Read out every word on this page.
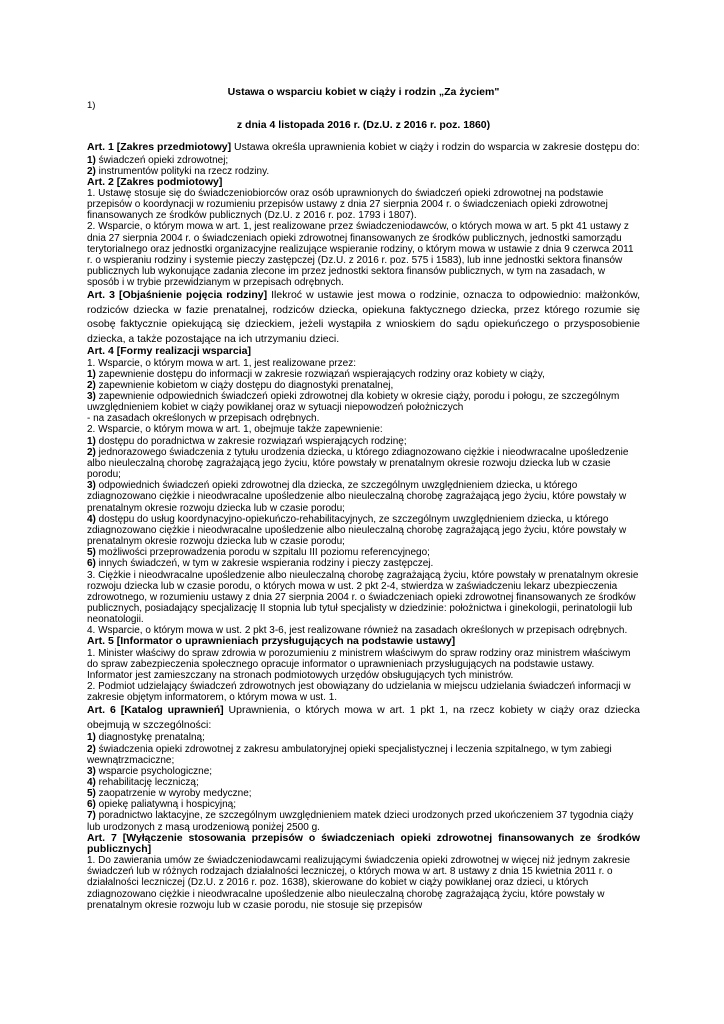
1)

Ustawa o wsparciu kobiet w ciąży i rodzin „Za życiem"

z dnia 4 listopada 2016 r. (Dz.U. z 2016 r. poz. 1860)

Art. 1 [Zakres przedmiotowy] Ustawa określa uprawnienia kobiet w ciąży i rodzin do wsparcia w zakresie dostępu do:

1) świadczeń opieki zdrowotnej;

2) instrumentów polityki na rzecz rodziny.

Art. 2 [Zakres podmiotowy]

1. Ustawę stosuje się do świadczeniobiorców oraz osób uprawnionych do świadczeń opieki zdrowotnej na podstawie przepisów o koordynacji w rozumieniu przepisów ustawy z dnia 27 sierpnia 2004 r. o świadczeniach opieki zdrowotnej finansowanych ze środków publicznych (Dz.U. z 2016 r. poz. 1793 i 1807).

2. Wsparcie, o którym mowa w art. 1, jest realizowane przez świadczeniodawców, o których mowa w art. 5 pkt 41 ustawy z dnia 27 sierpnia 2004 r. o świadczeniach opieki zdrowotnej finansowanych ze środków publicznych, jednostki samorządu terytorialnego oraz jednostki organizacyjne realizujące wspieranie rodziny, o którym mowa w ustawie z dnia 9 czerwca 2011 r. o wspieraniu rodziny i systemie pieczy zastępczej (Dz.U. z 2016 r. poz. 575 i 1583), lub inne jednostki sektora finansów publicznych lub wykonujące zadania zlecone im przez jednostki sektora finansów publicznych, w tym na zasadach, w sposób i w trybie przewidzianym w przepisach odrębnych.

Art. 3 [Objaśnienie pojęcia rodziny] Ilekroć w ustawie jest mowa o rodzinie, oznacza to odpowiednio: małżonków, rodziców dziecka w fazie prenatalnej, rodziców dziecka, opiekuna faktycznego dziecka, przez którego rozumie się osobę faktycznie opiekującą się dzieckiem, jeżeli wystąpiła z wnioskiem do sądu opiekuńczego o przysposobienie dziecka, a także pozostające na ich utrzymaniu dzieci.

Art. 4 [Formy realizacji wsparcia]

1. Wsparcie, o którym mowa w art. 1, jest realizowane przez:

1) zapewnienie dostępu do informacji w zakresie rozwiązań wspierających rodziny oraz kobiety w ciąży,

2) zapewnienie kobietom w ciąży dostępu do diagnostyki prenatalnej,

3) zapewnienie odpowiednich świadczeń opieki zdrowotnej dla kobiety w okresie ciąży, porodu i połogu, ze szczególnym uwzględnieniem kobiet w ciąży powikłanej oraz w sytuacji niepowodzeń położniczych

- na zasadach określonych w przepisach odrębnych.

2. Wsparcie, o którym mowa w art. 1, obejmuje także zapewnienie:

1) dostępu do poradnictwa w zakresie rozwiązań wspierających rodzinę;

2) jednorazowego świadczenia z tytułu urodzenia dziecka, u którego zdiagnozowano ciężkie i nieodwracalne upośledzenie albo nieuleczalną chorobę zagrażającą jego życiu, które powstały w prenatalnym okresie rozwoju dziecka lub w czasie porodu;

3) odpowiednich świadczeń opieki zdrowotnej dla dziecka, ze szczególnym uwzględnieniem dziecka, u którego zdiagnozowano ciężkie i nieodwracalne upośledzenie albo nieuleczalną chorobę zagrażającą jego życiu, które powstały w prenatalnym okresie rozwoju dziecka lub w czasie porodu;

4) dostępu do usług koordynacyjno-opiekuńczo-rehabilitacyjnych, ze szczególnym uwzględnieniem dziecka, u którego zdiagnozowano ciężkie i nieodwracalne upośledzenie albo nieuleczalną chorobę zagrażającą jego życiu, które powstały w prenatalnym okresie rozwoju dziecka lub w czasie porodu;

5) możliwości przeprowadzenia porodu w szpitalu III poziomu referencyjnego;

6) innych świadczeń, w tym w zakresie wspierania rodziny i pieczy zastępczej.

3. Ciężkie i nieodwracalne upośledzenie albo nieuleczalną chorobę zagrażającą życiu, które powstały w prenatalnym okresie rozwoju dziecka lub w czasie porodu, o których mowa w ust. 2 pkt 2-4, stwierdza w zaświadczeniu lekarz ubezpieczenia zdrowotnego, w rozumieniu ustawy z dnia 27 sierpnia 2004 r. o świadczeniach opieki zdrowotnej finansowanych ze środków publicznych, posiadający specjalizację II stopnia lub tytuł specjalisty w dziedzinie: położnictwa i ginekologii, perinatologii lub neonatologii.

4. Wsparcie, o którym mowa w ust. 2 pkt 3-6, jest realizowane również na zasadach określonych w przepisach odrębnych.

Art. 5 [Informator o uprawnieniach przysługujących na podstawie ustawy]

1. Minister właściwy do spraw zdrowia w porozumieniu z ministrem właściwym do spraw rodziny oraz ministrem właściwym do spraw zabezpieczenia społecznego opracuje informator o uprawnieniach przysługujących na podstawie ustawy. Informator jest zamieszczany na stronach podmiotowych urzędów obsługujących tych ministrów.

2. Podmiot udzielający świadczeń zdrowotnych jest obowiązany do udzielania w miejscu udzielania świadczeń informacji w zakresie objętym informatorem, o którym mowa w ust. 1.

Art. 6 [Katalog uprawnień] Uprawnienia, o których mowa w art. 1 pkt 1, na rzecz kobiety w ciąży oraz dziecka obejmują w szczególności:

1) diagnostykę prenatalną;

2) świadczenia opieki zdrowotnej z zakresu ambulatoryjnej opieki specjalistycznej i leczenia szpitalnego, w tym zabiegi wewnątrzmaciczne;

3) wsparcie psychologiczne;

4) rehabilitację leczniczą;

5) zaopatrzenie w wyroby medyczne;

6) opiekę paliatywną i hospicyjną;

7) poradnictwo laktacyjne, ze szczególnym uwzględnieniem matek dzieci urodzonych przed ukończeniem 37 tygodnia ciąży lub urodzonych z masą urodzeniową poniżej 2500 g.

Art. 7 [Wyłączenie stosowania przepisów o świadczeniach opieki zdrowotnej finansowanych ze środków publicznych]

1. Do zawierania umów ze świadczeniodawcami realizującymi świadczenia opieki zdrowotnej w więcej niż jednym zakresie świadczeń lub w różnych rodzajach działalności leczniczej, o których mowa w art. 8 ustawy z dnia 15 kwietnia 2011 r. o działalności leczniczej (Dz.U. z 2016 r. poz. 1638), skierowane do kobiet w ciąży powikłanej oraz dzieci, u których zdiagnozowano ciężkie i nieodwracalne upośledzenie albo nieuleczalną chorobę zagrażającą życiu, które powstały w prenatalnym okresie rozwoju lub w czasie porodu, nie stosuje się przepisów
